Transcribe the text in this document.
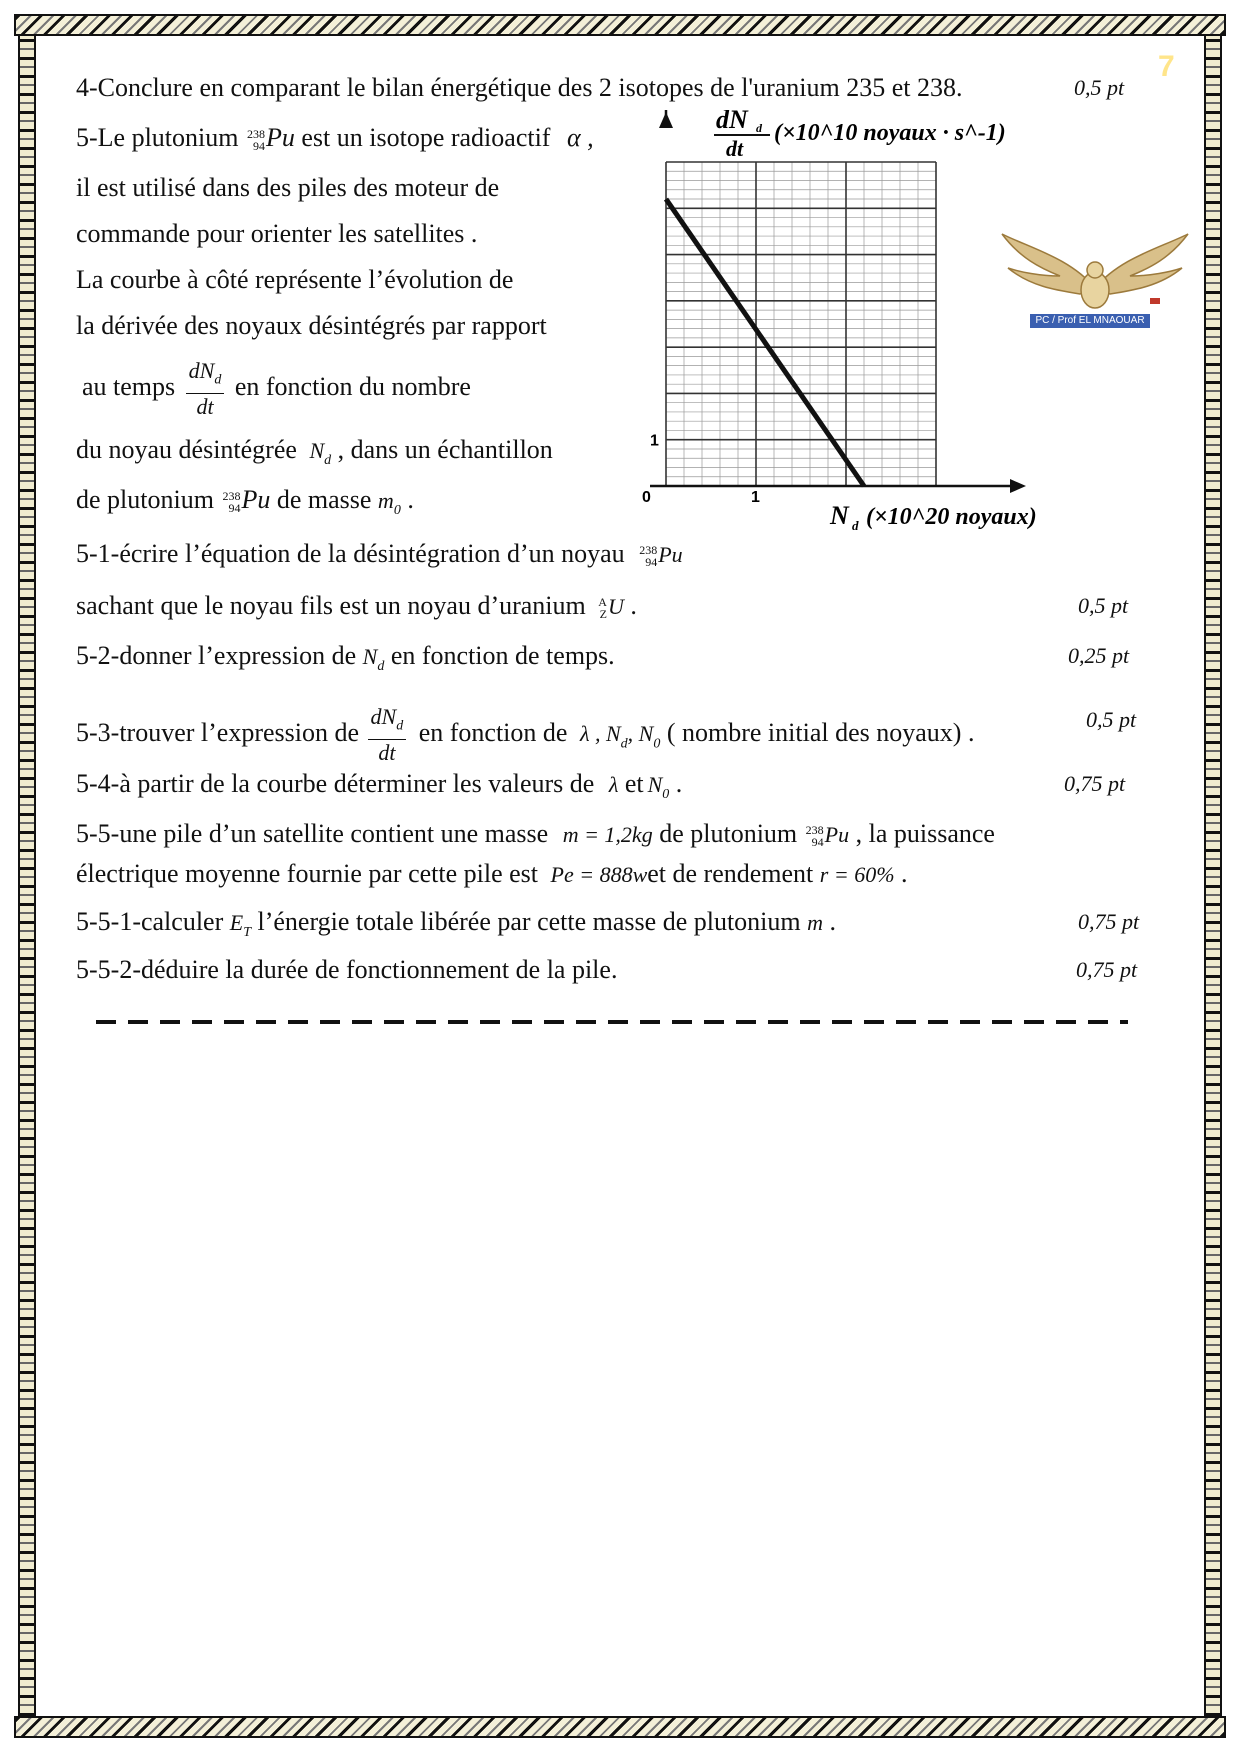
7
4-Conclure en comparant le bilan énergétique des 2 isotopes de l'uranium 235 et 238.	0,5 pt
5-Le plutonium 238
94 Pu est un isotope radioactif α ,
il est utilisé dans des piles des moteur de
commande pour orienter les satellites .
La courbe à côté représente l’évolution de
la dérivée des noyaux désintégrés par rapport
au temps $\frac{dN_d}{dt}$ en fonction du nombre
du noyau désintégrée $N_d$ , dans un échantillon
de plutonium 238
94 Pu de masse $m_0$ .	0	1
1
dN d
dt
(×10^10 noyaux · s^-1)
N d (×10^20 noyaux)
PC / Prof EL MNAOUAR
5-1-écrire l’équation de la désintégration d’un noyau 238
94 Pu
sachant que le noyau fils est un noyau d’uranium A
Z U .	0,5 pt
5-2-donner l’expression de $N_d$ en fonction de temps.	0,25 pt
5-3-trouver l’expression de $\frac{dN_d}{dt}$ en fonction de λ , $N_d$, $N_0$ ( nombre initial des noyaux) .	0,5 pt
5-4-à partir de la courbe déterminer les valeurs de λ et $N_0$ .	0,75 pt
5-5-une pile d’un satellite contient une masse m = 1,2kg de plutonium 238
94 Pu , la puissance
électrique moyenne fournie par cette pile est Pe = 888wet de rendement r = 60% .
5-5-1-calculer $E_T$ l’énergie totale libérée par cette masse de plutonium m .	0,75 pt
5-5-2-déduire la durée de fonctionnement de la pile.	0,75 pt
